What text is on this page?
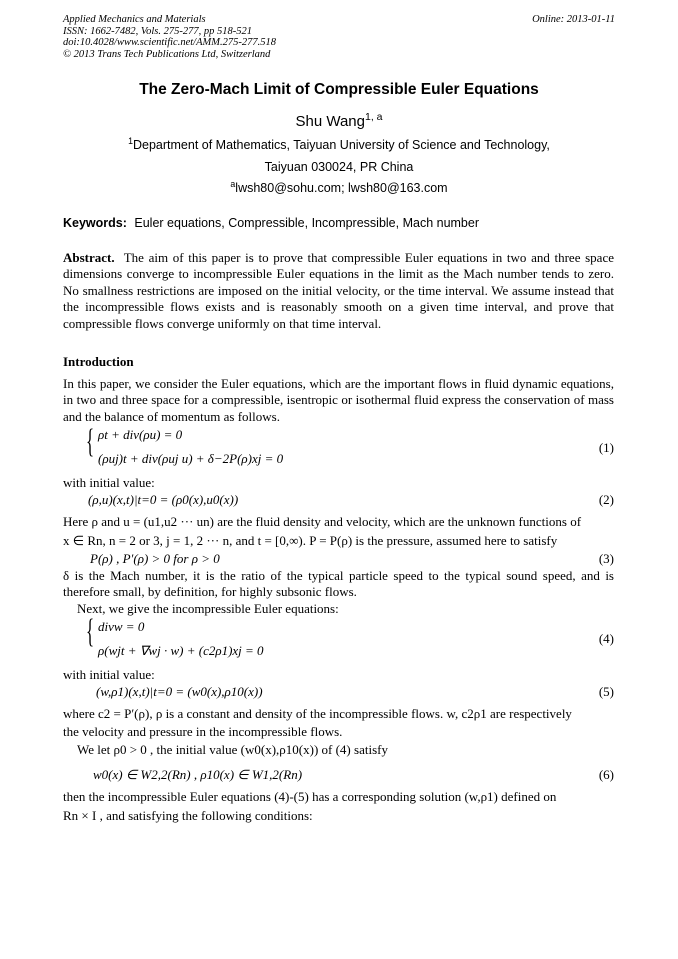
Applied Mechanics and Materials
ISSN: 1662-7482, Vols. 275-277, pp 518-521
doi:10.4028/www.scientific.net/AMM.275-277.518
© 2013 Trans Tech Publications Ltd, Switzerland
Online: 2013-01-11
The Zero-Mach Limit of Compressible Euler Equations
Shu Wang$^{1, a}$
$^1$Department of Mathematics, Taiyuan University of Science and Technology,
Taiyuan 030024, PR China
$^a$lwsh80@sohu.com; lwsh80@163.com
Keywords: Euler equations, Compressible, Incompressible, Mach number
Abstract. The aim of this paper is to prove that compressible Euler equations in two and three space dimensions converge to incompressible Euler equations in the limit as the Mach number tends to zero. No smallness restrictions are imposed on the initial velocity, or the time interval. We assume instead that the incompressible flows exists and is reasonably smooth on a given time interval, and prove that compressible flows converge uniformly on that time interval.
Introduction
In this paper, we consider the Euler equations, which are the important flows in fluid dynamic equations, in two and three space for a compressible, isentropic or isothermal fluid express the conservation of mass and the balance of momentum as follows.
{ ρt + div(ρu) = 0
(ρuj)t + div(ρuj u) + δ−2P(ρ)xj = 0
(1)
with initial value:
(ρ,u)(x,t)|t=0 = (ρ0(x),u0(x))	(2)
Here ρ and u = (u1,u2 ··· un) are the fluid density and velocity, which are the unknown functions of
x ∈ Rn, n = 2 or 3, j = 1, 2 ··· n, and t = [0,∞). P = P(ρ) is the pressure, assumed here to satisfy
P(ρ) , P′(ρ) > 0 for ρ > 0	(3)
δ is the Mach number, it is the ratio of the typical particle speed to the typical sound speed, and is therefore small, by definition, for highly subsonic flows.
Next, we give the incompressible Euler equations:
{ divw = 0
ρ(wjt + ∇wj · w) + (c2ρ1)xj = 0
(4)
with initial value:
(w,ρ1)(x,t)|t=0 = (w0(x),ρ10(x))	(5)
where c2 = P′(ρ), ρ is a constant and density of the incompressible flows. w, c2ρ1 are respectively
the velocity and pressure in the incompressible flows.
We let ρ0 > 0 , the initial value (w0(x),ρ10(x)) of (4) satisfy
w0(x) ∈ W2,2(Rn) , ρ10(x) ∈ W1,2(Rn)	(6)
then the incompressible Euler equations (4)-(5) has a corresponding solution (w,ρ1) defined on
Rn × I , and satisfying the following conditions:
